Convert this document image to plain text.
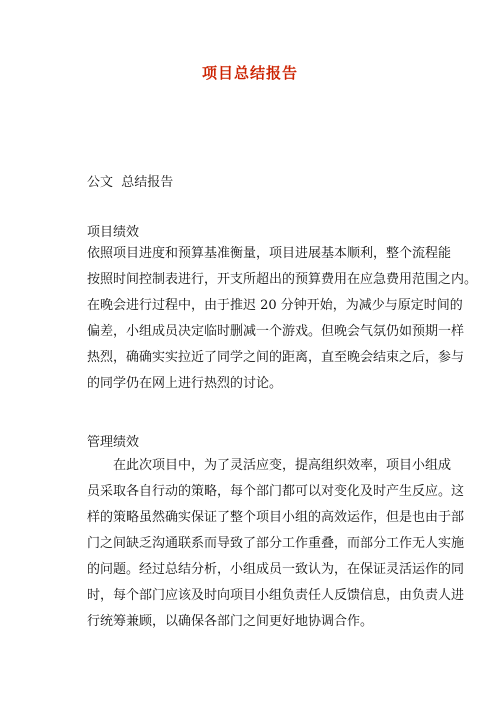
项目总结报告
公文  总结报告
项目绩效
依照项目进度和预算基准衡量，项目进展基本顺利，整个流程能
按照时间控制表进行，开支所超出的预算费用在应急费用范围之内。
在晚会进行过程中，由于推迟 20 分钟开始，为减少与原定时间的
偏差，小组成员决定临时删减一个游戏。但晚会气氛仍如预期一样
热烈，确确实实拉近了同学之间的距离，直至晚会结束之后，参与
的同学仍在网上进行热烈的讨论。
管理绩效
在此次项目中，为了灵活应变，提高组织效率，项目小组成
员采取各自行动的策略，每个部门都可以对变化及时产生反应。这
样的策略虽然确实保证了整个项目小组的高效运作，但是也由于部
门之间缺乏沟通联系而导致了部分工作重叠，而部分工作无人实施
的问题。经过总结分析，小组成员一致认为，在保证灵活运作的同
时，每个部门应该及时向项目小组负责任人反馈信息，由负责人进
行统筹兼顾，以确保各部门之间更好地协调合作。
